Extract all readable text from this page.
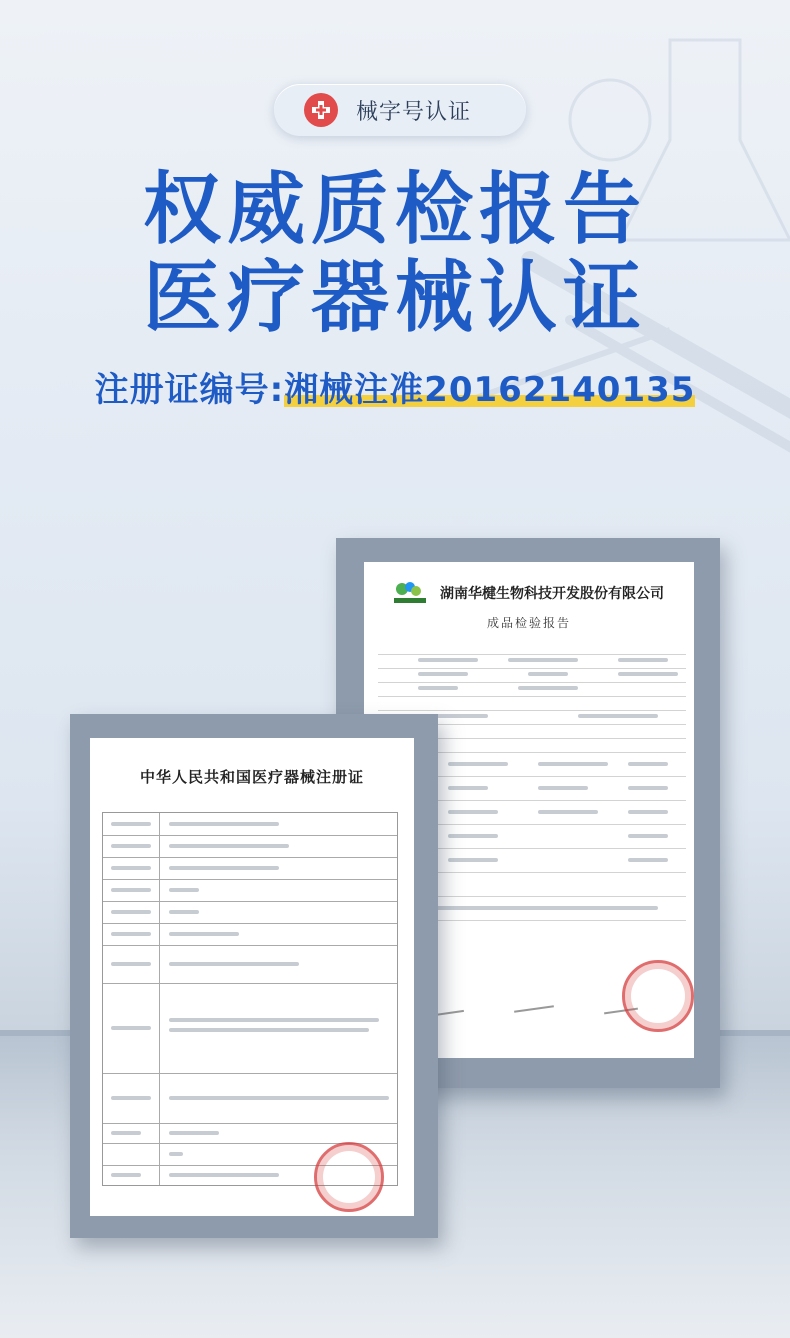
械字号认证
权威质检报告
医疗器械认证
注册证编号:湘械注准20162140135
湖南华楗生物科技开发股份有限公司
成品检验报告
中华人民共和国医疗器械注册证
